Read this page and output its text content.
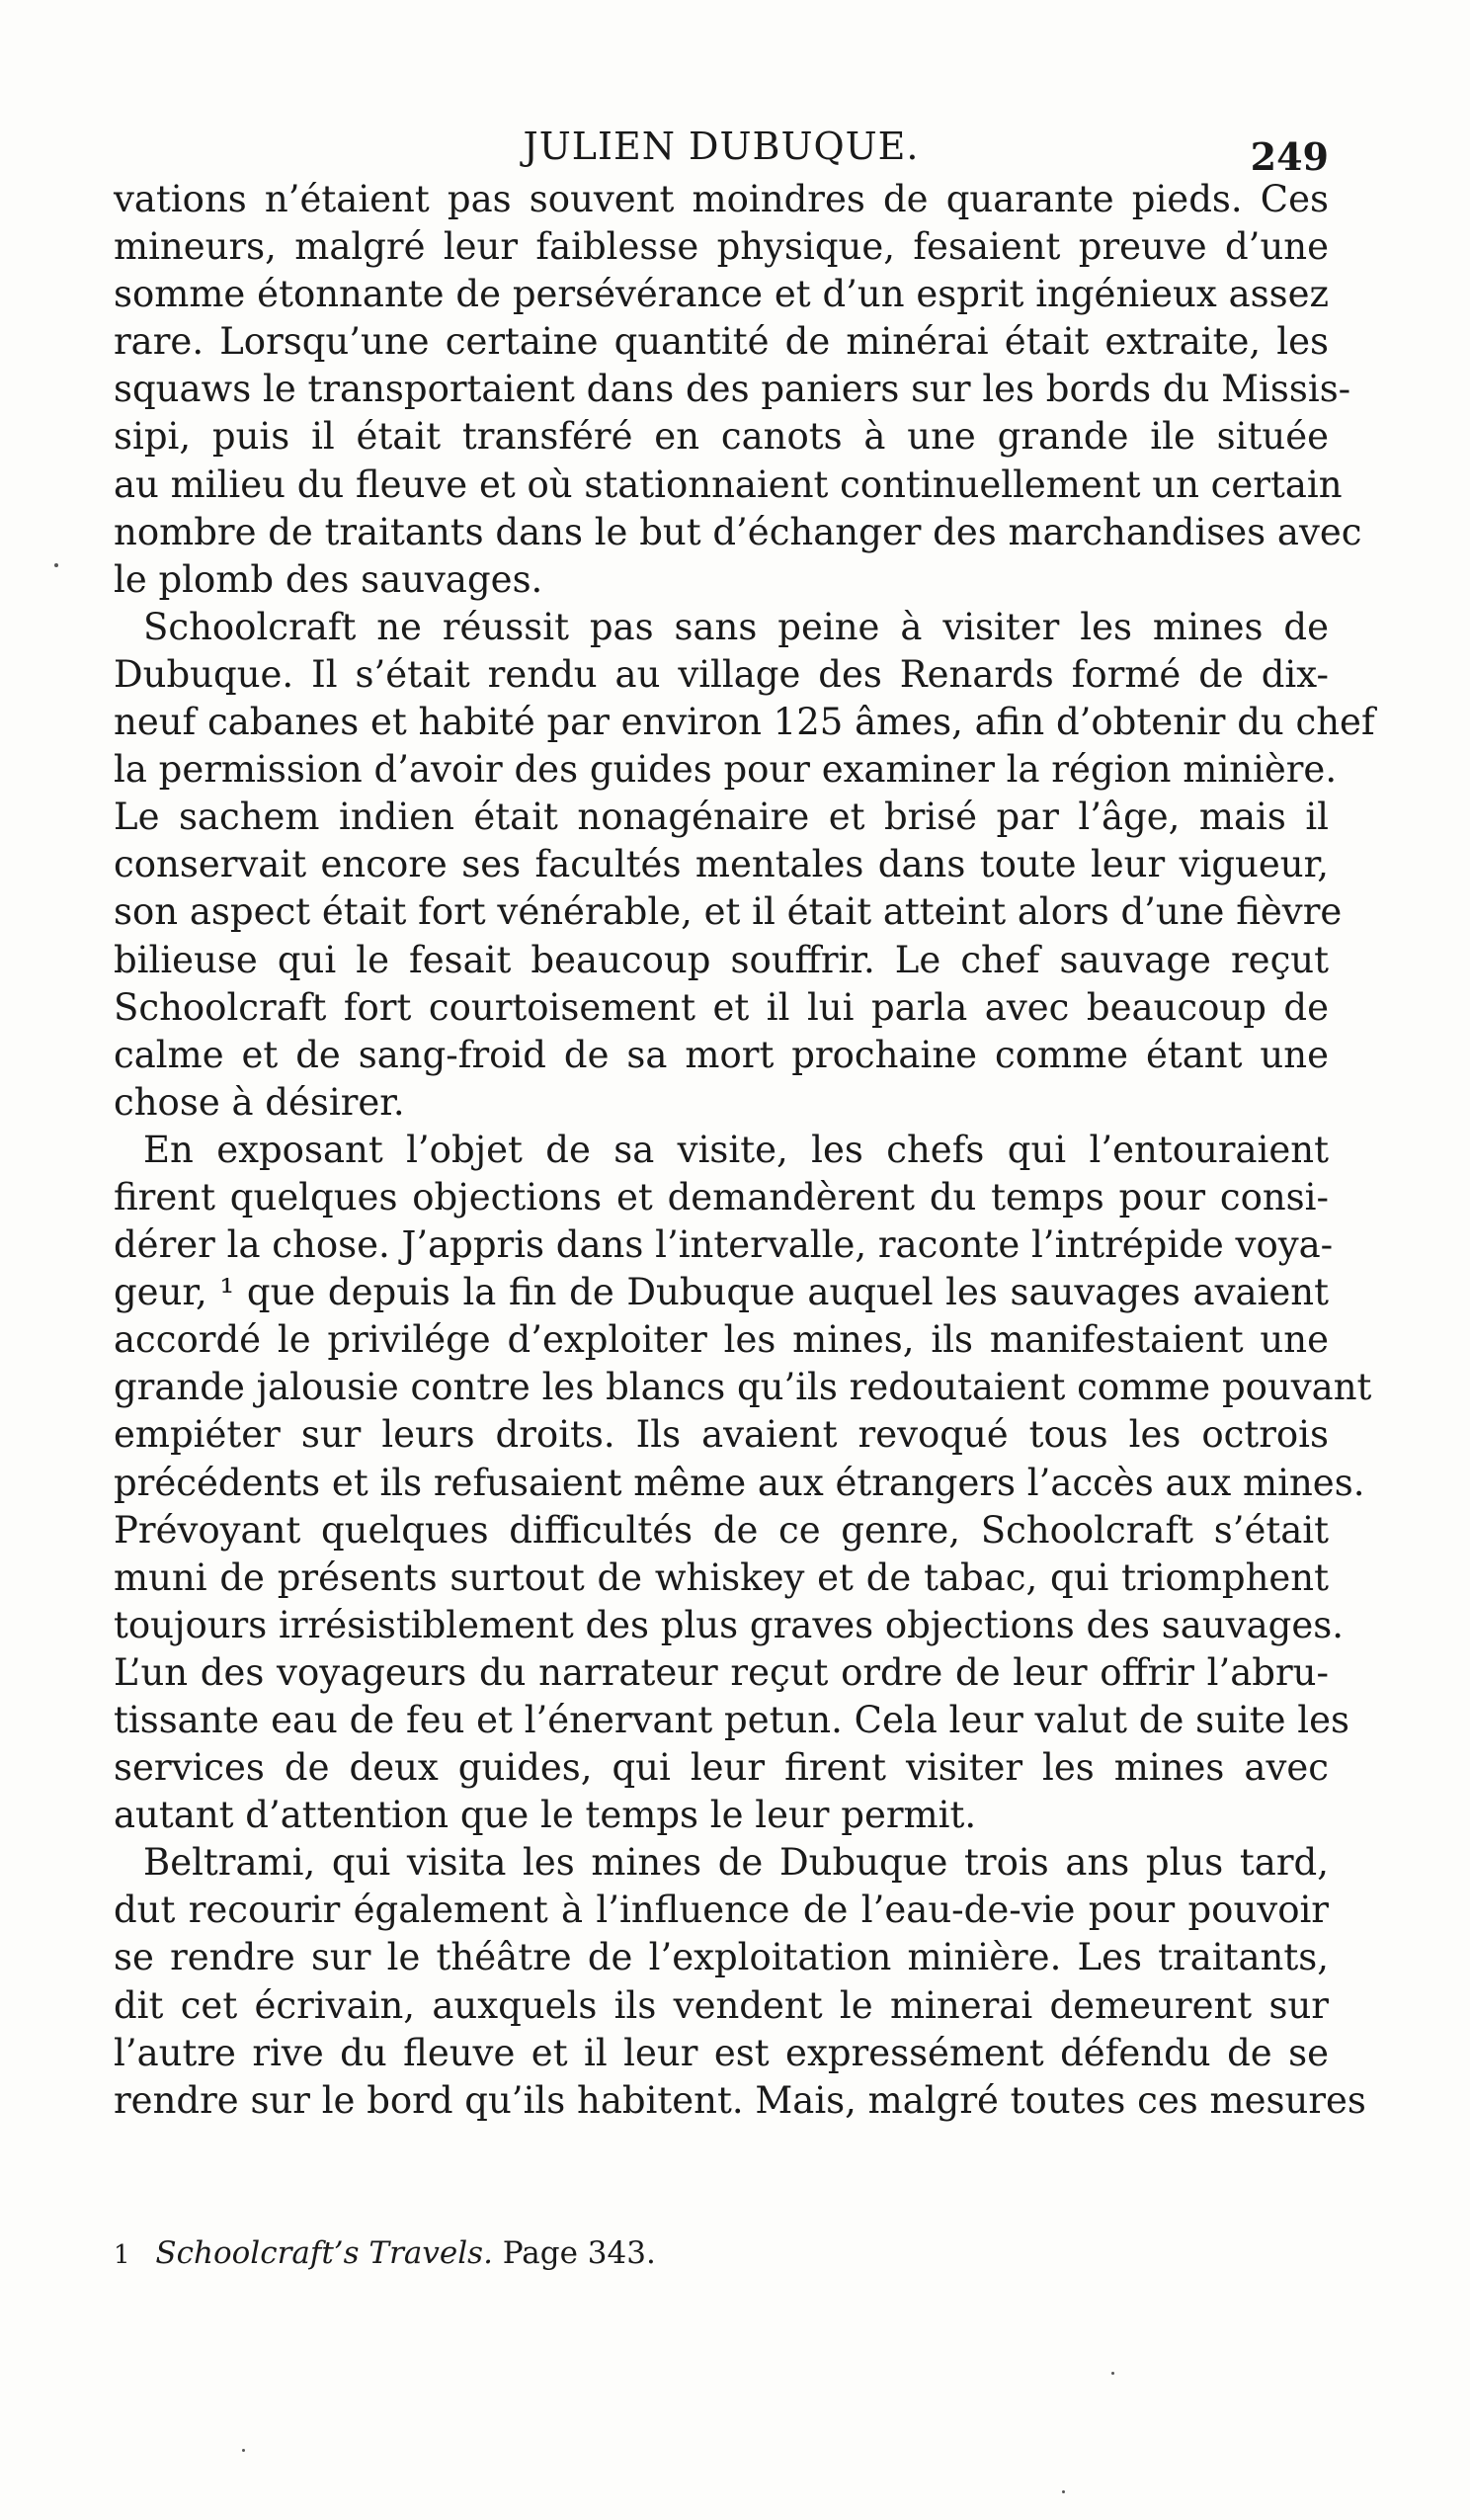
JULIEN DUBUQUE.	249
vations n’étaient pas souvent moindres de quarante pieds. Ces
mineurs, malgré leur faiblesse physique, fesaient preuve d’une
somme étonnante de persévérance et d’un esprit ingénieux assez
rare. Lorsqu’une certaine quantité de minérai était extraite, les
squaws le transportaient dans des paniers sur les bords du Missis-
sipi, puis il était transféré en canots à une grande ile située
au milieu du fleuve et où stationnaient continuellement un certain
nombre de traitants dans le but d’échanger des marchandises avec
le plomb des sauvages.
Schoolcraft ne réussit pas sans peine à visiter les mines de
Dubuque. Il s’était rendu au village des Renards formé de dix-
neuf cabanes et habité par environ 125 âmes, afin d’obtenir du chef
la permission d’avoir des guides pour examiner la région minière.
Le sachem indien était nonagénaire et brisé par l’âge, mais il
conservait encore ses facultés mentales dans toute leur vigueur,
son aspect était fort vénérable, et il était atteint alors d’une fièvre
bilieuse qui le fesait beaucoup souffrir. Le chef sauvage reçut
Schoolcraft fort courtoisement et il lui parla avec beaucoup de
calme et de sang-froid de sa mort prochaine comme étant une
chose à désirer.
En exposant l’objet de sa visite, les chefs qui l’entouraient
firent quelques objections et demandèrent du temps pour consi-
dérer la chose. J’appris dans l’intervalle, raconte l’intrépide voya-
geur, ¹ que depuis la fin de Dubuque auquel les sauvages avaient
accordé le privilége d’exploiter les mines, ils manifestaient une
grande jalousie contre les blancs qu’ils redoutaient comme pouvant
empiéter sur leurs droits. Ils avaient revoqué tous les octrois
précédents et ils refusaient même aux étrangers l’accès aux mines.
Prévoyant quelques difficultés de ce genre, Schoolcraft s’était
muni de présents surtout de whiskey et de tabac, qui triomphent
toujours irrésistiblement des plus graves objections des sauvages.
L’un des voyageurs du narrateur reçut ordre de leur offrir l’abru-
tissante eau de feu et l’énervant petun. Cela leur valut de suite les
services de deux guides, qui leur firent visiter les mines avec
autant d’attention que le temps le leur permit.
Beltrami, qui visita les mines de Dubuque trois ans plus tard,
dut recourir également à l’influence de l’eau-de-vie pour pouvoir
se rendre sur le théâtre de l’exploitation minière. Les traitants,
dit cet écrivain, auxquels ils vendent le minerai demeurent sur
l’autre rive du fleuve et il leur est expressément défendu de se
rendre sur le bord qu’ils habitent. Mais, malgré toutes ces mesures
1 Schoolcraft’s Travels. Page 343.
